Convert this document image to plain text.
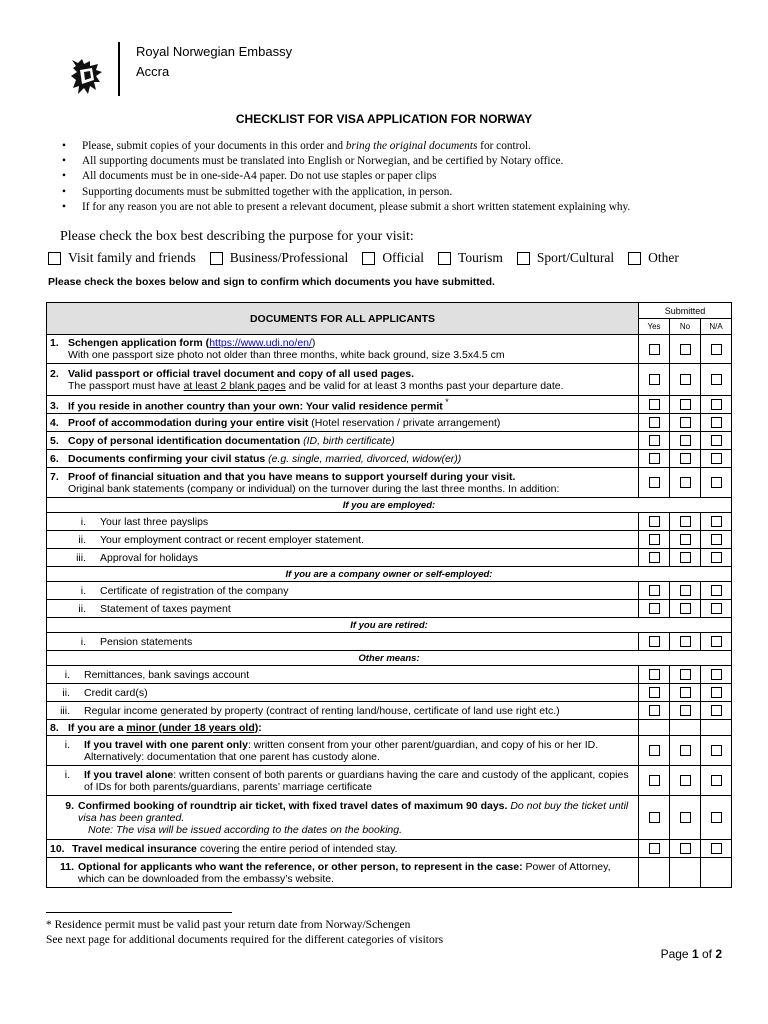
Royal Norwegian Embassy
Accra
CHECKLIST FOR VISA APPLICATION FOR NORWAY
• Please, submit copies of your documents in this order and bring the original documents for control.
• All supporting documents must be translated into English or Norwegian, and be certified by Notary office.
• All documents must be in one-side-A4 paper. Do not use staples or paper clips
• Supporting documents must be submitted together with the application, in person.
• If for any reason you are not able to present a relevant document, please submit a short written statement explaining why.
Please check the box best describing the purpose for your visit:
Visit family and friends	Business/Professional	Official	Tourism	Sport/Cultural	Other
Please check the boxes below and sign to confirm which documents you have submitted.
DOCUMENTS FOR ALL APPLICANTS	Submitted		
	Yes	No	N/A

1. Schengen application form (https://www.udi.no/en/)
With one passport size photo not older than three months, white back ground, size 3.5x4.5 cm			

2. Valid passport or official travel document and copy of all used pages.
The passport must have at least 2 blank pages and be valid for at least 3 months past your departure date.			

3. If you reside in another country than your own: Your valid residence permit *			
4. Proof of accommodation during your entire visit (Hotel reservation / private arrangement)			
5. Copy of personal identification documentation (ID, birth certificate)			
6. Documents confirming your civil status (e.g. single, married, divorced, widow(er))			

7. Proof of financial situation and that you have means to support yourself during your visit.
Original bank statements (company or individual) on the turnover during the last three months. In addition:			

If you are employed:			
i. Your last three payslips			
ii. Your employment contract or recent employer statement.			
iii. Approval for holidays			
If you are a company owner or self-employed:			
i. Certificate of registration of the company			
ii. Statement of taxes payment			
If you are retired:			
i. Pension statements			
Other means:			
i. Remittances, bank savings account			
ii. Credit card(s)			
iii. Regular income generated by property (contract of renting land/house, certificate of land use right etc.)			
8. If you are a minor (under 18 years old):			

i. If you travel with one parent only: written consent from your other parent/guardian, and copy of his or her ID. Alternatively: documentation that one parent has custody alone.			

i. If you travel alone: written consent of both parents or guardians having the care and custody of the applicant, copies of IDs for both parents/guardians, parents’ marriage certificate			

9. Confirmed booking of roundtrip air ticket, with fixed travel dates of maximum 90 days. Do not buy the ticket until visa has been granted.
Note: The visa will be issued according to the dates on the booking.			

10. Travel medical insurance covering the entire period of intended stay.			

11. Optional for applicants who want the reference, or other person, to represent in the case: Power of Attorney, which can be downloaded from the embassy’s website.			

* Residence permit must be valid past your return date from Norway/Schengen
See next page for additional documents required for the different categories of visitors
Page 1 of 2
